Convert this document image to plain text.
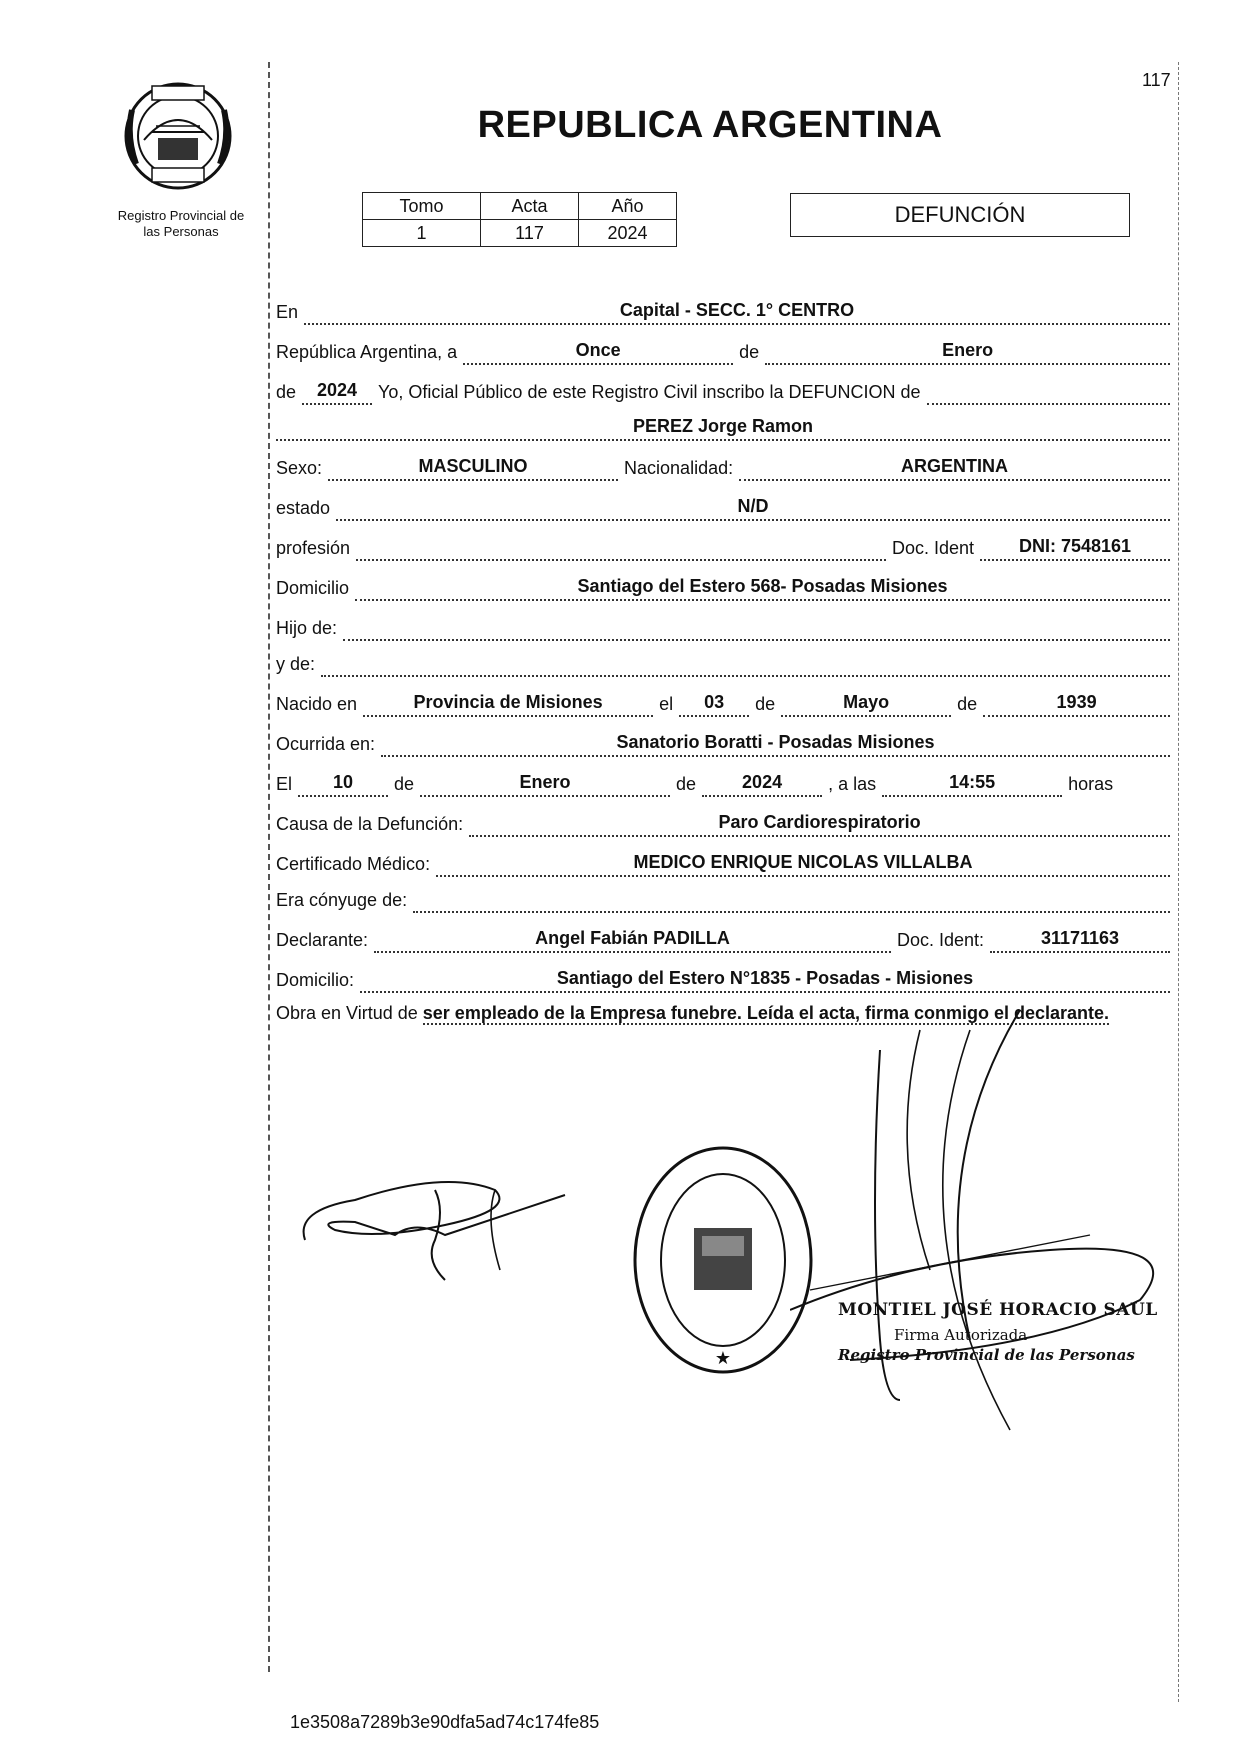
117
Registro Provincial de
las Personas
REPUBLICA ARGENTINA
Tomo	Acta	Año
1	117	2024
DEFUNCIÓN
En	Capital - SECC. 1° CENTRO
República Argentina, a	Once	de	Enero
de	2024	Yo, Oficial Público de este Registro Civil inscribo la DEFUNCION de
PEREZ Jorge Ramon
Sexo:	MASCULINO	Nacionalidad:	ARGENTINA
estado	N/D
profesión	Doc. Ident	DNI: 7548161
Domicilio	Santiago del Estero 568- Posadas Misiones
Hijo de:
y de:
Nacido en	Provincia de Misiones	el	03	de	Mayo	de	1939
Ocurrida en:	Sanatorio Boratti - Posadas Misiones
El	10	de	Enero	de	2024	, a las	14:55	horas
Causa de la Defunción:	Paro Cardiorespiratorio
Certificado Médico:	MEDICO ENRIQUE NICOLAS VILLALBA
Era cónyuge de:
Declarante:	Angel Fabián PADILLA	Doc. Ident:	31171163
Domicilio:	Santiago del Estero N°1835 - Posadas - Misiones
Obra en Virtud de ser empleado de la Empresa funebre. Leída el acta, firma conmigo el declarante.
★
MONTIEL JOSÉ HORACIO SAUL
Firma Autorizada
Registro Provincial de las Personas
1e3508a7289b3e90dfa5ad74c174fe85
